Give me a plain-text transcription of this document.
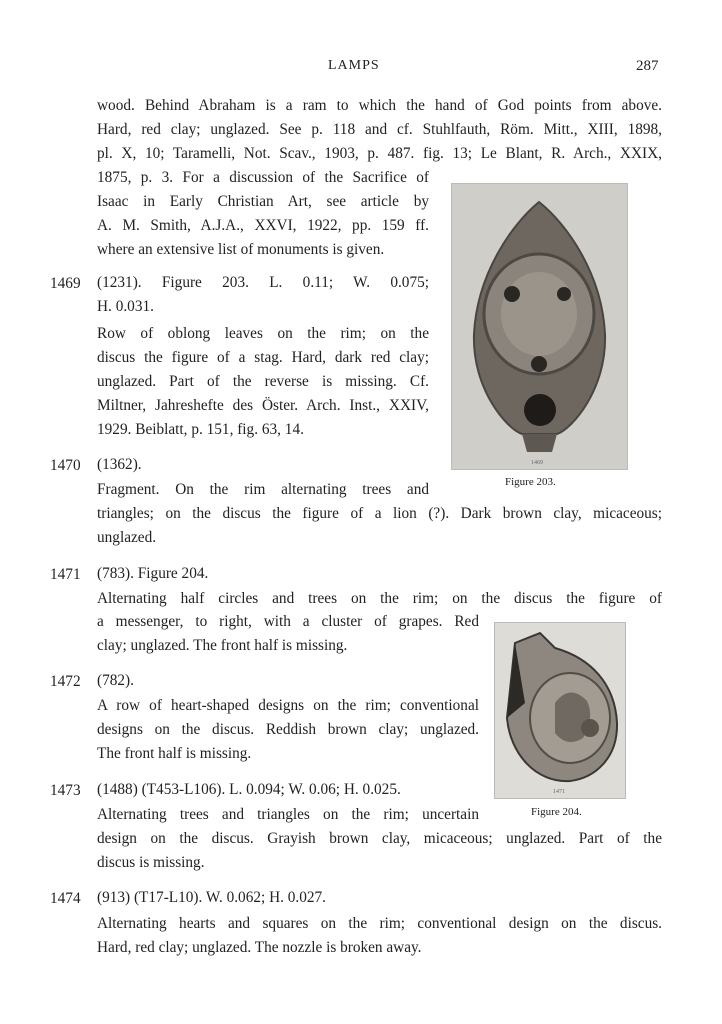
LAMPS	287
wood. Behind Abraham is a ram to which the hand of God points from above.
Hard, red clay; unglazed. See p. 118 and cf. Stuhlfauth, Röm. Mitt., XIII, 1898,
pl. X, 10; Taramelli, Not. Scav., 1903, p. 487. fig. 13; Le Blant, R. Arch., XXIX,
1875, p. 3. For a discussion of the Sacrifice of
Isaac in Early Christian Art, see article by
A. M. Smith, A.J.A., XXVI, 1922, pp. 159 ff.
where an extensive list of monuments is given.
1469
Figure 203.
1469 (1231). Figure 203. L. 0.11; W. 0.075;
H. 0.031.
Row of oblong leaves on the rim; on the
discus the figure of a stag. Hard, dark red clay;
unglazed. Part of the reverse is missing. Cf.
Miltner, Jahreshefte des Öster. Arch. Inst., XXIV,
1929. Beiblatt, p. 151, fig. 63, 14.
1470 (1362).
Fragment. On the rim alternating trees and
triangles; on the discus the figure of a lion (?). Dark brown clay, micaceous;
unglazed.
1471 (783). Figure 204.
Alternating half circles and trees on the rim; on the discus the figure of
a messenger, to right, with a cluster of grapes. Red
clay; unglazed. The front half is missing.
1471
Figure 204.
1472 (782).
A row of heart-shaped designs on the rim; conventional
designs on the discus. Reddish brown clay; unglazed.
The front half is missing.
1473 (1488) (T453-L106). L. 0.094; W. 0.06; H. 0.025.
Alternating trees and triangles on the rim; uncertain
design on the discus. Grayish brown clay, micaceous; unglazed. Part of the
discus is missing.
1474 (913) (T17-L10). W. 0.062; H. 0.027.
Alternating hearts and squares on the rim; conventional design on the discus.
Hard, red clay; unglazed. The nozzle is broken away.
